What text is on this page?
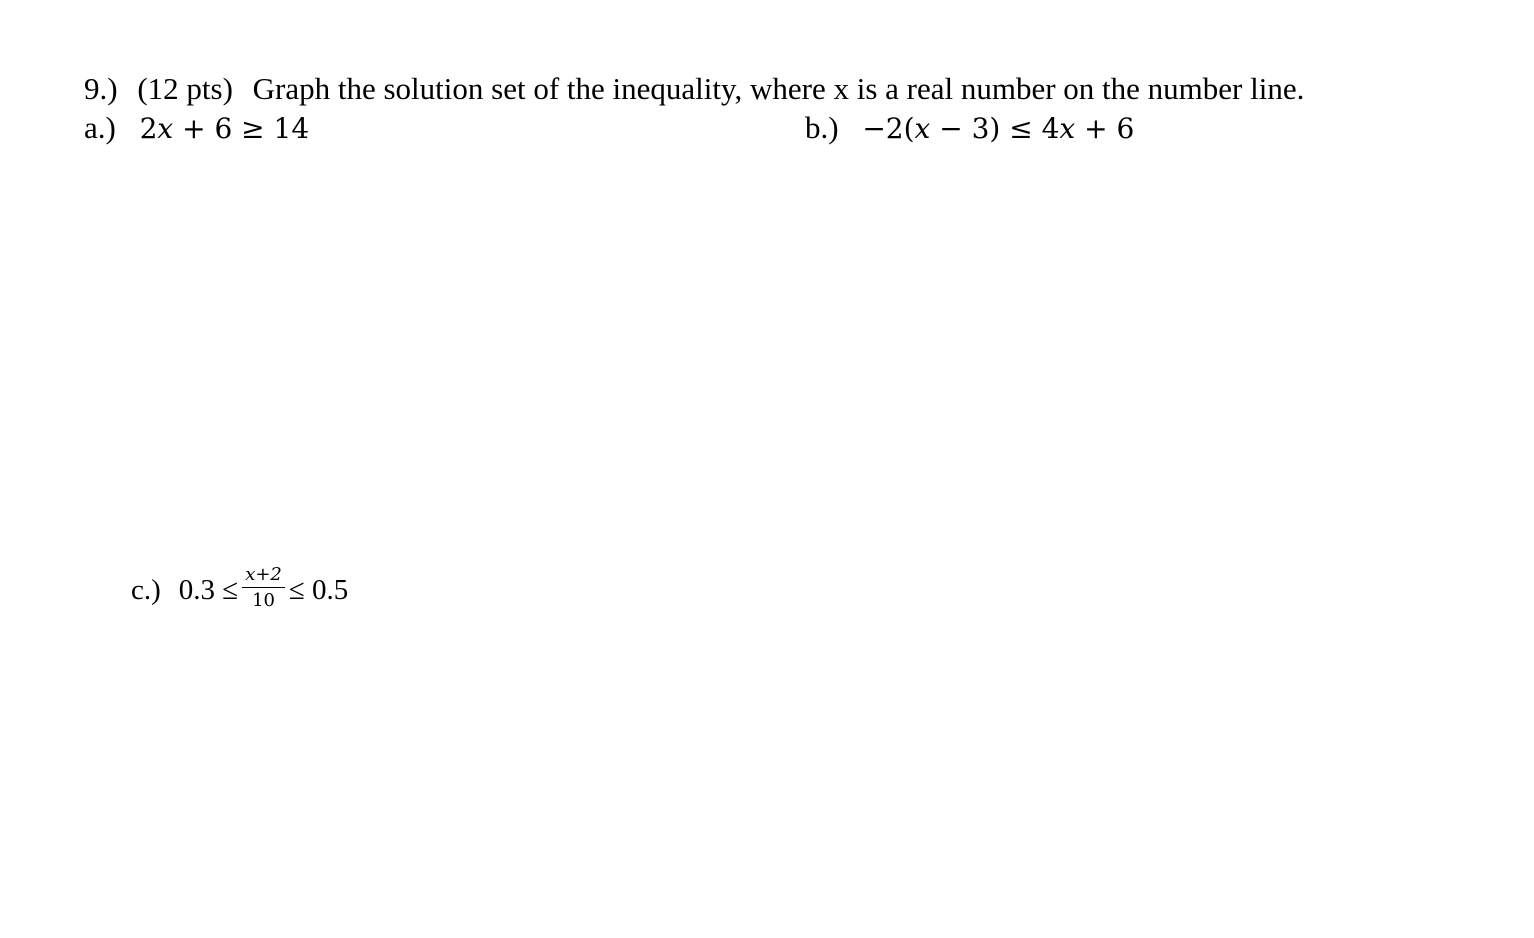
9.) (12 pts) Graph the solution set of the inequality, where x is a real number on the number line.
a.) 2𝑥 + 6 ≥ 14	b.) −2(𝑥 − 3) ≤ 4𝑥 + 6
c.) $0.3 \le \frac{x+2}{10} \le 0.5$
